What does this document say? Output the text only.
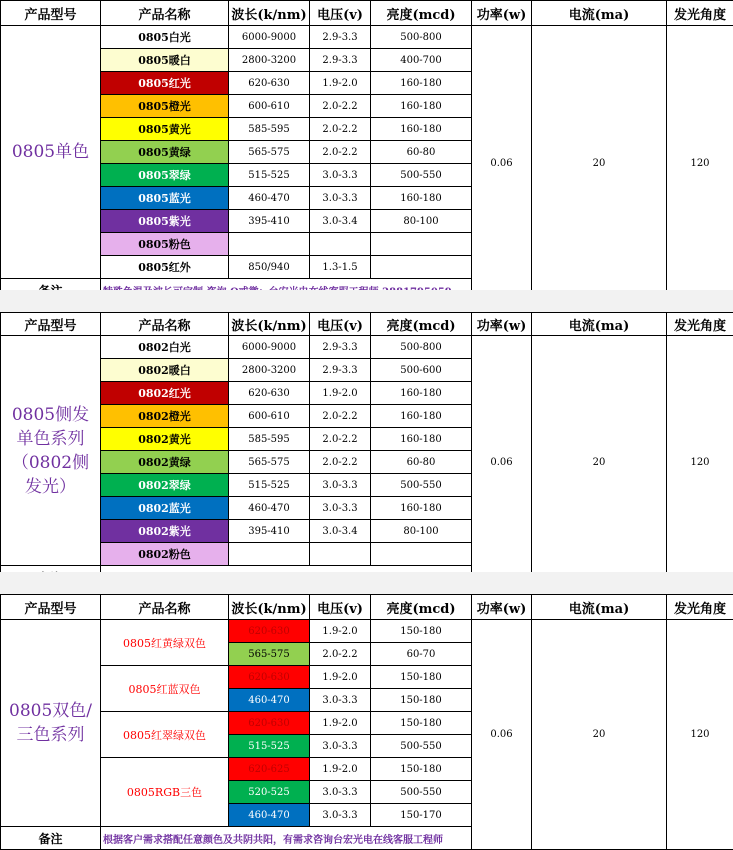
产品型号	产品名称	波长(k/nm)	电压(v)	亮度(mcd)	功率(w)	电流(ma)	发光角度
0805单色	0805白光	6000-9000	2.9-3.3	500-800	0.06	20	120
	0805暖白	2800-3200	2.9-3.3	400-700			
	0805红光	620-630	1.9-2.0	160-180			
	0805橙光	600-610	2.0-2.2	160-180			
	0805黄光	585-595	2.0-2.2	160-180			
	0805黄绿	565-575	2.0-2.2	60-80			
	0805翠绿	515-525	3.0-3.3	500-550			
	0805蓝光	460-470	3.0-3.3	160-180			
	0805紫光	395-410	3.0-3.4	80-100			
	0805粉色						
	0805红外	850/940	1.3-1.5				

产品型号	产品名称	波长(k/nm)	电压(v)	亮度(mcd)	功率(w)	电流(ma)	发光角度

0805侧发
单色系列
（0802侧
发光）	0802白光	6000-9000	2.9-3.3	500-800	0.06	20	120
	0802暖白	2800-3200	2.9-3.3	500-600			
	0802红光	620-630	1.9-2.0	160-180			
	0802橙光	600-610	2.0-2.2	160-180			
	0802黄光	585-595	2.0-2.2	160-180			
	0802黄绿	565-575	2.0-2.2	60-80			
	0802翠绿	515-525	3.0-3.3	500-550			
	0802蓝光	460-470	3.0-3.3	160-180			
	0802紫光	395-410	3.0-3.4	80-100			
	0802粉色						

产品型号	产品名称	波长(k/nm)	电压(v)	亮度(mcd)	功率(w)	电流(ma)	发光角度

0805双色/
三色系列	0805红黄绿双色	620-630	1.9-2.0	150-180	0.06	20	120
		565-575	2.0-2.2	60-70			
	0805红蓝双色	620-630	1.9-2.0	150-180			
		460-470	3.0-3.3	150-180			
	0805红翠绿双色	620-630	1.9-2.0	150-180			
		515-525	3.0-3.3	500-550			
	0805RGB三色	620-625	1.9-2.0	150-180			
		520-525	3.0-3.3	500-550			
		460-470	3.0-3.3	150-170			
备注	根据客户需求搭配任意颜色及共阴共阳，有需求咨询台宏光电在线客服工程师						
